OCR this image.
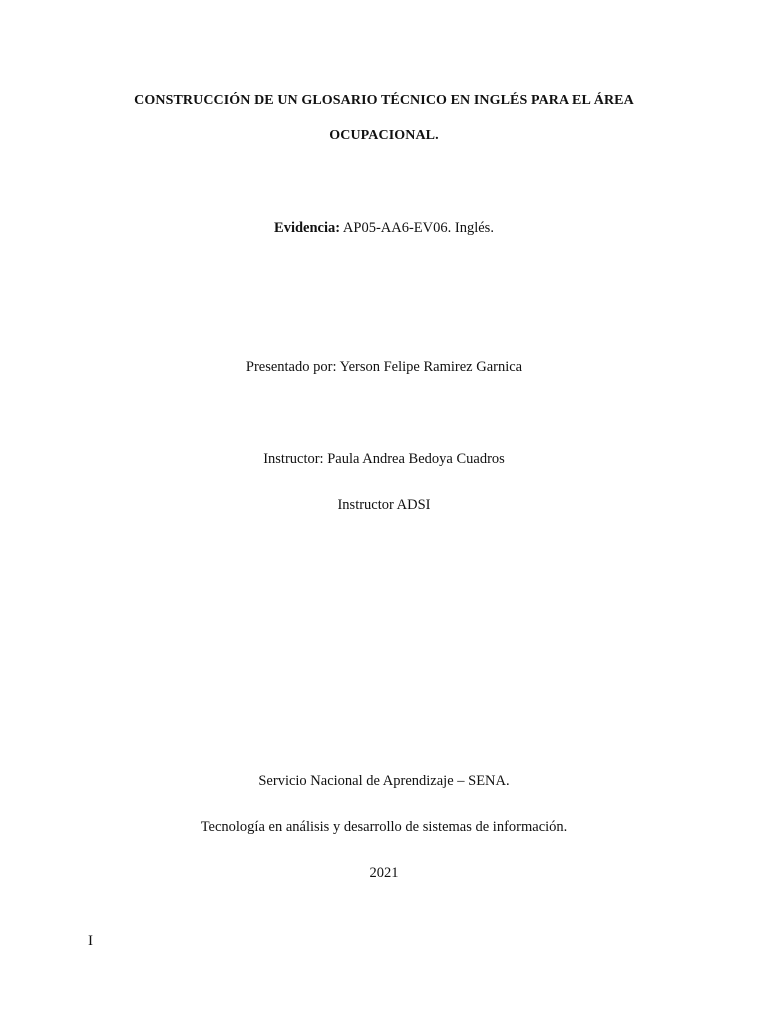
CONSTRUCCIÓN DE UN GLOSARIO TÉCNICO EN INGLÉS PARA EL ÁREA
OCUPACIONAL.
Evidencia: AP05-AA6-EV06. Inglés.
Presentado por: Yerson Felipe Ramirez Garnica
Instructor: Paula Andrea Bedoya Cuadros
Instructor ADSI
Servicio Nacional de Aprendizaje – SENA.
Tecnología en análisis y desarrollo de sistemas de información.
2021
I
